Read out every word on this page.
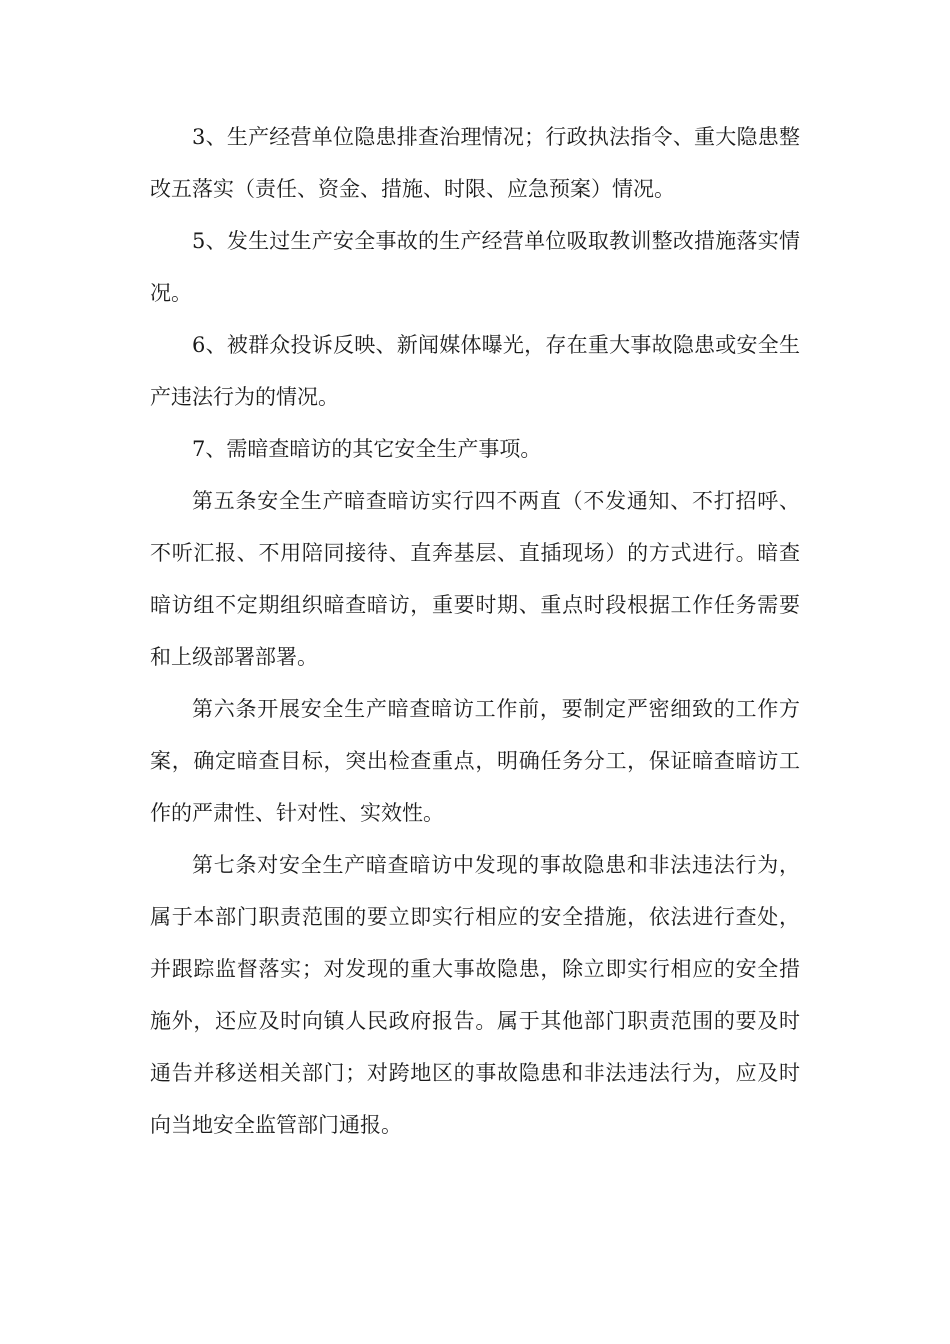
3、生产经营单位隐患排查治理情况；行政执法指令、重大隐患整改五落实（责任、资金、措施、时限、应急预案）情况。

5、发生过生产安全事故的生产经营单位吸取教训整改措施落实情况。

6、被群众投诉反映、新闻媒体曝光，存在重大事故隐患或安全生产违法行为的情况。

7、需暗查暗访的其它安全生产事项。

第五条安全生产暗查暗访实行四不两直（不发通知、不打招呼、不听汇报、不用陪同接待、直奔基层、直插现场）的方式进行。暗查暗访组不定期组织暗查暗访，重要时期、重点时段根据工作任务需要和上级部署部署。

第六条开展安全生产暗查暗访工作前，要制定严密细致的工作方案，确定暗查目标，突出检查重点，明确任务分工，保证暗查暗访工作的严肃性、针对性、实效性。

第七条对安全生产暗查暗访中发现的事故隐患和非法违法行为，属于本部门职责范围的要立即实行相应的安全措施，依法进行查处，并跟踪监督落实；对发现的重大事故隐患，除立即实行相应的安全措施外，还应及时向镇人民政府报告。属于其他部门职责范围的要及时通告并移送相关部门；对跨地区的事故隐患和非法违法行为，应及时向当地安全监管部门通报。
